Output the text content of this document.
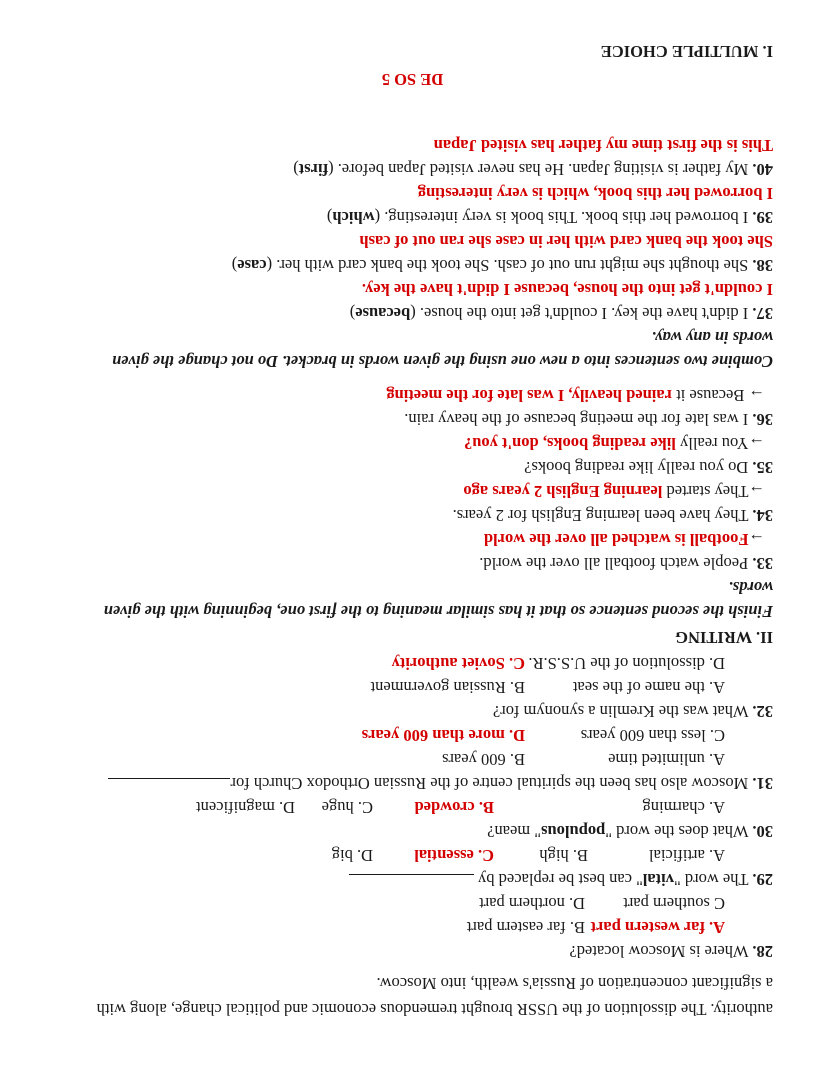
authority. The dissolution of the USSR brought tremendous economic and political change, along with
a significant concentration of Russia's wealth, into Moscow.
28. Where is Moscow located?
A. far western part
B. far eastern part
C southern part
D. northern part
29. The word "vital" can best be replaced by
A. artificial
B. high
C. essential
D. big
30. What does the word "populous" mean?
A. charming
B. crowded
C. huge
D. magnificent
31. Moscow also has been the spiritual centre of the Russian Orthodox Church for
A. unlimited time
B. 600 years
C. less than 600 years
D. more than 600 years
32. What was the Kremlin a synonym for?
A. the name of the seat
B. Russian government
D. dissolution of the U.S.S.R.
C. Soviet authority
II. WRITING
Finish the second sentence so that it has similar meaning to the first one, beginning with the given
words.
33. People watch football all over the world.
→Football is watched all over the world
34. They have been learning English for 2 years.
→They started learning English 2 years ago
35. Do you really like reading books?
→You really like reading books, don't you?
36. I was late for the meeting because of the heavy rain.
→ Because it rained heavily, I was late for the meeting
Combine two sentences into a new one using the given words in bracket. Do not change the given
words in any way.
37. I didn't have the key. I couldn't get into the house. (because)
I couldn't get into the house, because I didn't have the key.
38. She thought she might run out of cash. She took the bank card with her. (case)
She took the bank card with her in case she ran out of cash
39. I borrowed her this book. This book is very interesting. (which)
I borrowed her this book, which is very interesting
40. My father is visiting Japan. He has never visited Japan before. (first)
This is the first time my father has visited Japan
DE SO 5
I. MULTIPLE CHOICE
